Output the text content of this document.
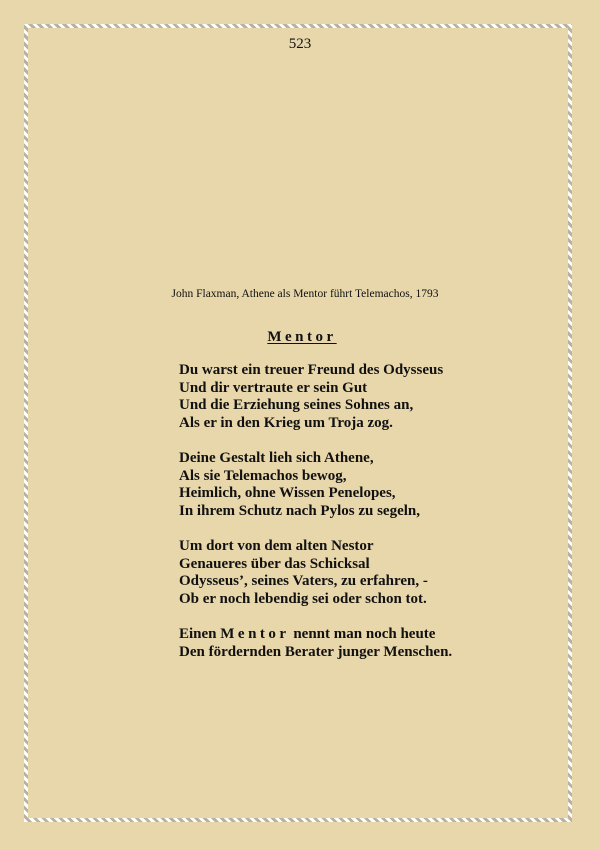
523
John Flaxman, Athene als Mentor führt Telemachos, 1793
Mentor
Du warst ein treuer Freund des Odysseus
Und dir vertraute er sein Gut
Und die Erziehung seines Sohnes an,
Als er in den Krieg um Troja zog.
Deine Gestalt lieh sich Athene,
Als sie Telemachos bewog,
Heimlich, ohne Wissen Penelopes,
In ihrem Schutz nach Pylos zu segeln,
Um dort von dem alten Nestor
Genaueres über das Schicksal
Odysseus’, seines Vaters, zu erfahren, -
Ob er noch lebendig sei oder schon tot.
Einen Mentor nennt man noch heute
Den fördernden Berater junger Menschen.
